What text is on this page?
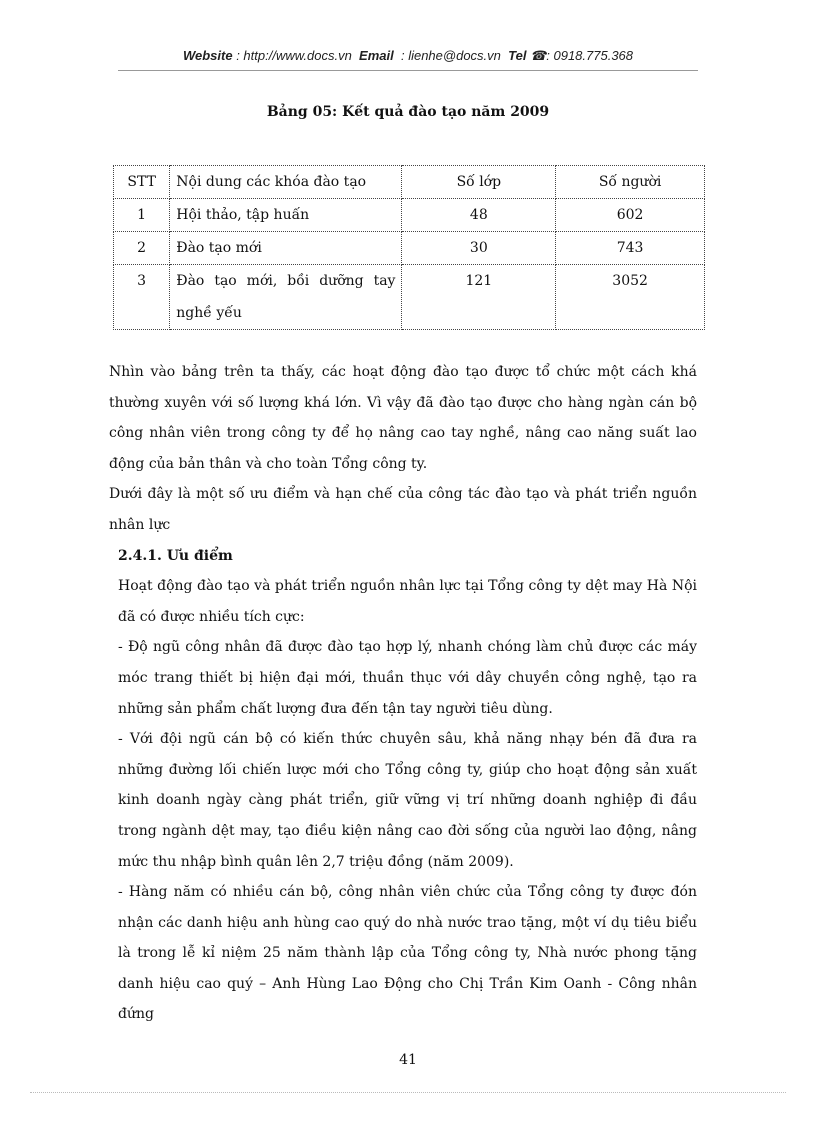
Website : http://www.docs.vn Email : lienhe@docs.vn Tel ☎: 0918.775.368
Bảng 05: Kết quả đào tạo năm 2009
STT	Nội dung các khóa đào tạo	Số lớp	Số người
1	Hội thảo, tập huấn	48	602
2	Đào tạo mới	30	743
3	Đào tạo mới, bồi dưỡng tay nghề yếu	121	3052

Nhìn vào bảng trên ta thấy, các hoạt động đào tạo được tổ chức một cách khá thường xuyên với số lượng khá lớn. Vì vậy đã đào tạo được cho hàng ngàn cán bộ công nhân viên trong công ty để họ nâng cao tay nghề, nâng cao năng suất lao động của bản thân và cho toàn Tổng công ty.

Dưới đây là một số ưu điểm và hạn chế của công tác đào tạo và phát triển nguồn nhân lực

2.4.1. Ưu điểm

Hoạt động đào tạo và phát triển nguồn nhân lực tại Tổng công ty dệt may Hà Nội đã có được nhiều tích cực:

- Độ ngũ công nhân đã được đào tạo hợp lý, nhanh chóng làm chủ được các máy móc trang thiết bị hiện đại mới, thuần thục với dây chuyền công nghệ, tạo ra những sản phẩm chất lượng đưa đến tận tay người tiêu dùng.

- Với đội ngũ cán bộ có kiến thức chuyên sâu, khả năng nhạy bén đã đưa ra những đường lối chiến lược mới cho Tổng công ty, giúp cho hoạt động sản xuất kinh doanh ngày càng phát triển, giữ vững vị trí những doanh nghiệp đi đầu trong ngành dệt may, tạo điều kiện nâng cao đời sống của người lao động, nâng mức thu nhập bình quân lên 2,7 triệu đồng (năm 2009).

- Hàng năm có nhiều cán bộ, công nhân viên chức của Tổng công ty được đón nhận các danh hiệu anh hùng cao quý do nhà nước trao tặng, một ví dụ tiêu biểu là trong lễ kỉ niệm 25 năm thành lập của Tổng công ty, Nhà nước phong tặng danh hiệu cao quý – Anh Hùng Lao Động cho Chị Trần Kim Oanh - Công nhân đứng

41
